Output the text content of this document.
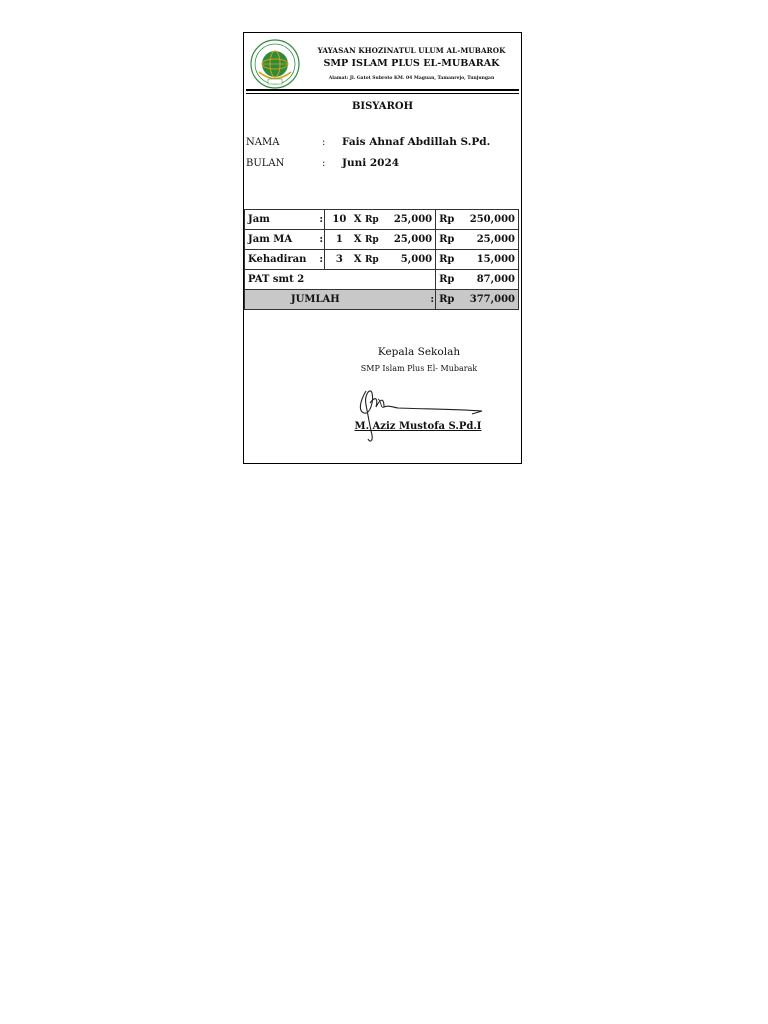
YAYASAN KHOZINATUL ULUM AL-MUBAROK
SMP ISLAM PLUS EL-MUBARAK
Alamat: Jl. Gatot Subroto KM. 04 Maguan, Tamanrejo, Tunjungan
BISYAROH
NAMA	: Fais Ahnaf Abdillah S.Pd.
BULAN	: Juni 2024
Jam	:	10	X	Rp	25,000	Rp	250,000
Jam MA	:	1	X	Rp	25,000	Rp	25,000
Kehadiran	:	3	X	Rp	5,000	Rp	15,000
PAT smt 2						Rp	87,000
JUMLAH					:	Rp	377,000
Kepala Sekolah
SMP Islam Plus El- Mubarak
M. Aziz Mustofa S.Pd.I
